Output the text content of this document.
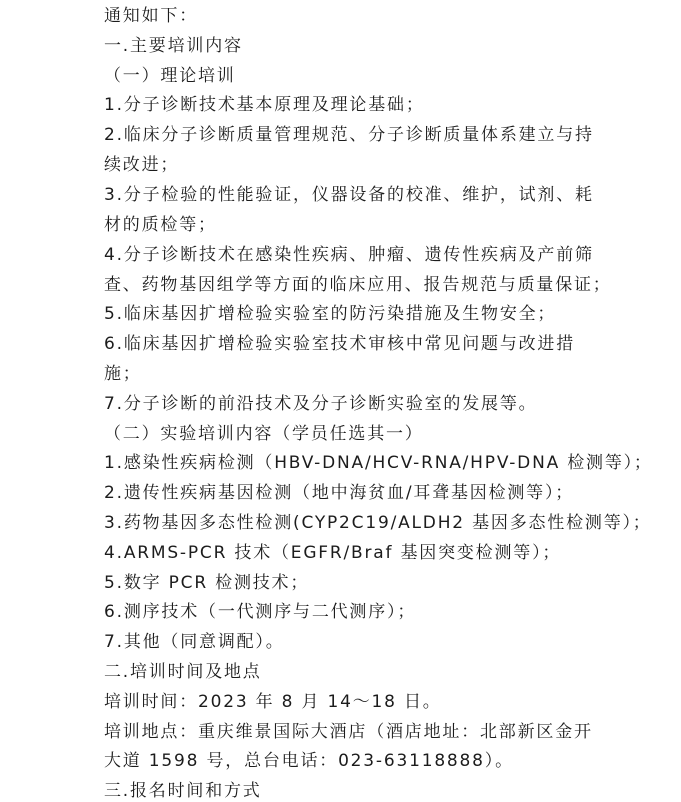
通知如下：
一.主要培训内容
（一）理论培训
1.分子诊断技术基本原理及理论基础；
2.临床分子诊断质量管理规范、分子诊断质量体系建立与持
续改进；
3.分子检验的性能验证，仪器设备的校准、维护，试剂、耗
材的质检等；
4.分子诊断技术在感染性疾病、肿瘤、遗传性疾病及产前筛
查、药物基因组学等方面的临床应用、报告规范与质量保证；
5.临床基因扩增检验实验室的防污染措施及生物安全；
6.临床基因扩增检验实验室技术审核中常见问题与改进措
施；
7.分子诊断的前沿技术及分子诊断实验室的发展等。
（二）实验培训内容（学员任选其一）
1.感染性疾病检测（HBV-DNA/HCV-RNA/HPV-DNA 检测等）；
2.遗传性疾病基因检测（地中海贫血/耳聋基因检测等）；
3.药物基因多态性检测(CYP2C19/ALDH2 基因多态性检测等）；
4.ARMS-PCR 技术（EGFR/Braf 基因突变检测等）；
5.数字 PCR 检测技术；
6.测序技术（一代测序与二代测序）；
7.其他（同意调配）。
二.培训时间及地点
培训时间：2023 年 8 月 14～18 日。
培训地点：重庆维景国际大酒店（酒店地址：北部新区金开
大道 1598 号，总台电话：023-63118888）。
三.报名时间和方式
